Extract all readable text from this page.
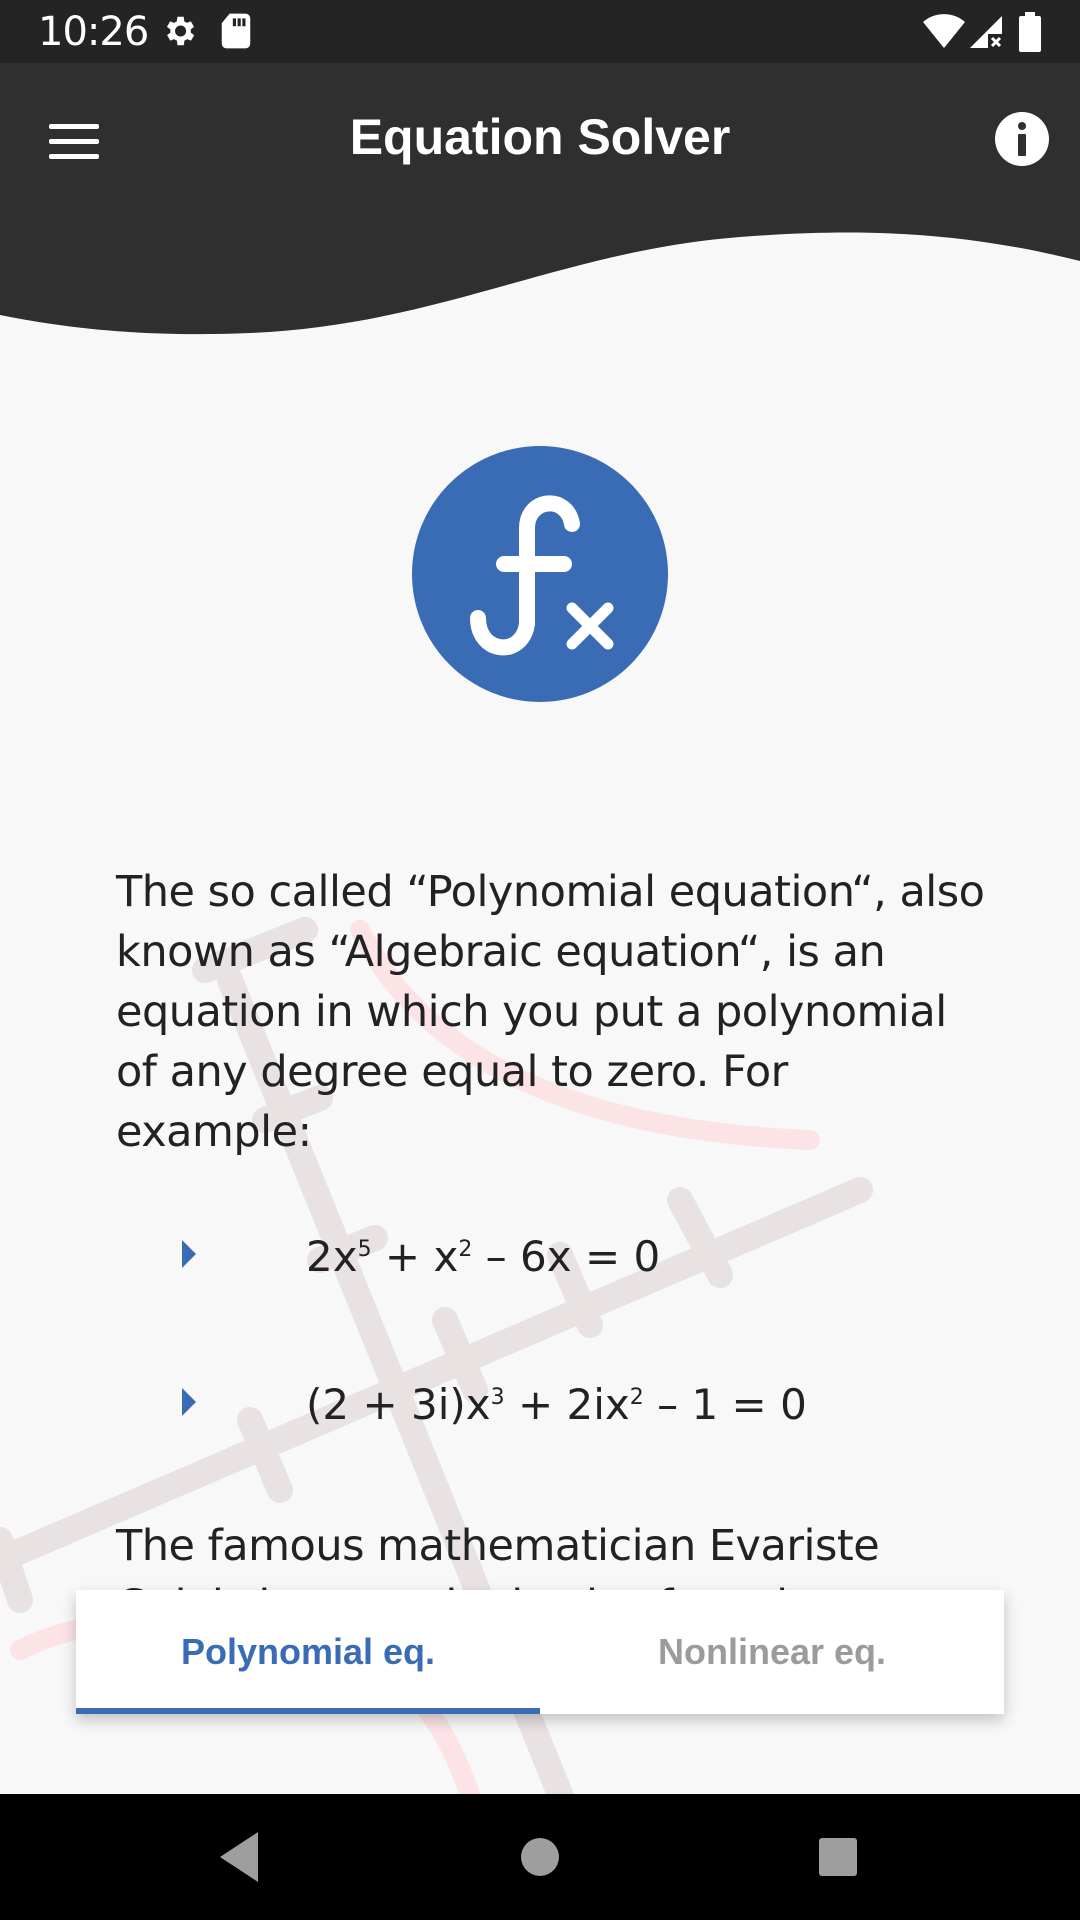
10:26
Equation Solver

The so called “Polynomial equation“, also known as “Algebraic equation“, is an equation in which you put a polynomial of any degree equal to zero. For example:

$2x^5 + x^2 - 6x = 0$
$(2 + 3i)x^3 + 2ix^2 - 1 = 0$

The famous mathematician Evariste

Polynomial eq.	Nonlinear eq.
